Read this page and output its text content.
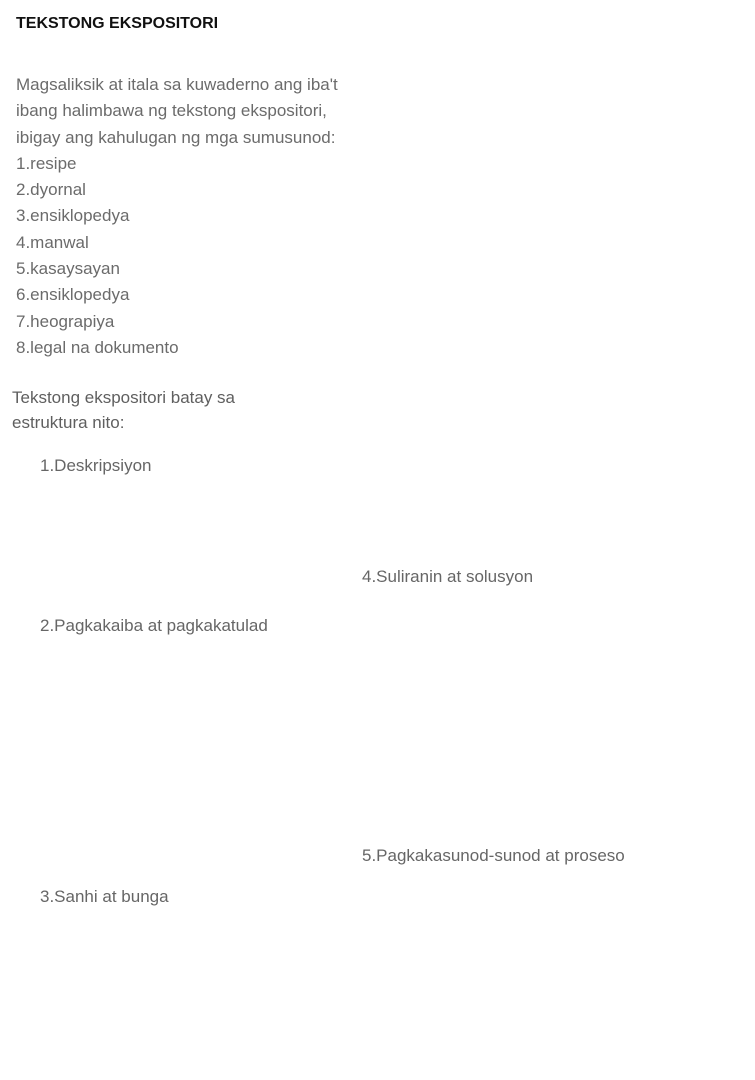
TEKSTONG EKSPOSITORI
Magsaliksik at itala sa kuwaderno ang iba't
ibang halimbawa ng tekstong ekspositori,
ibigay ang kahulugan ng mga sumusunod:
1.resipe
2.dyornal
3.ensiklopedya
4.manwal
5.kasaysayan
6.ensiklopedya
7.heograpiya
8.legal na dokumento
Tekstong ekspositori batay sa
estruktura nito:
1.Deskripsiyon
4.Suliranin at solusyon
2.Pagkakaiba at pagkakatulad
5.Pagkakasunod-sunod at proseso
3.Sanhi at bunga
